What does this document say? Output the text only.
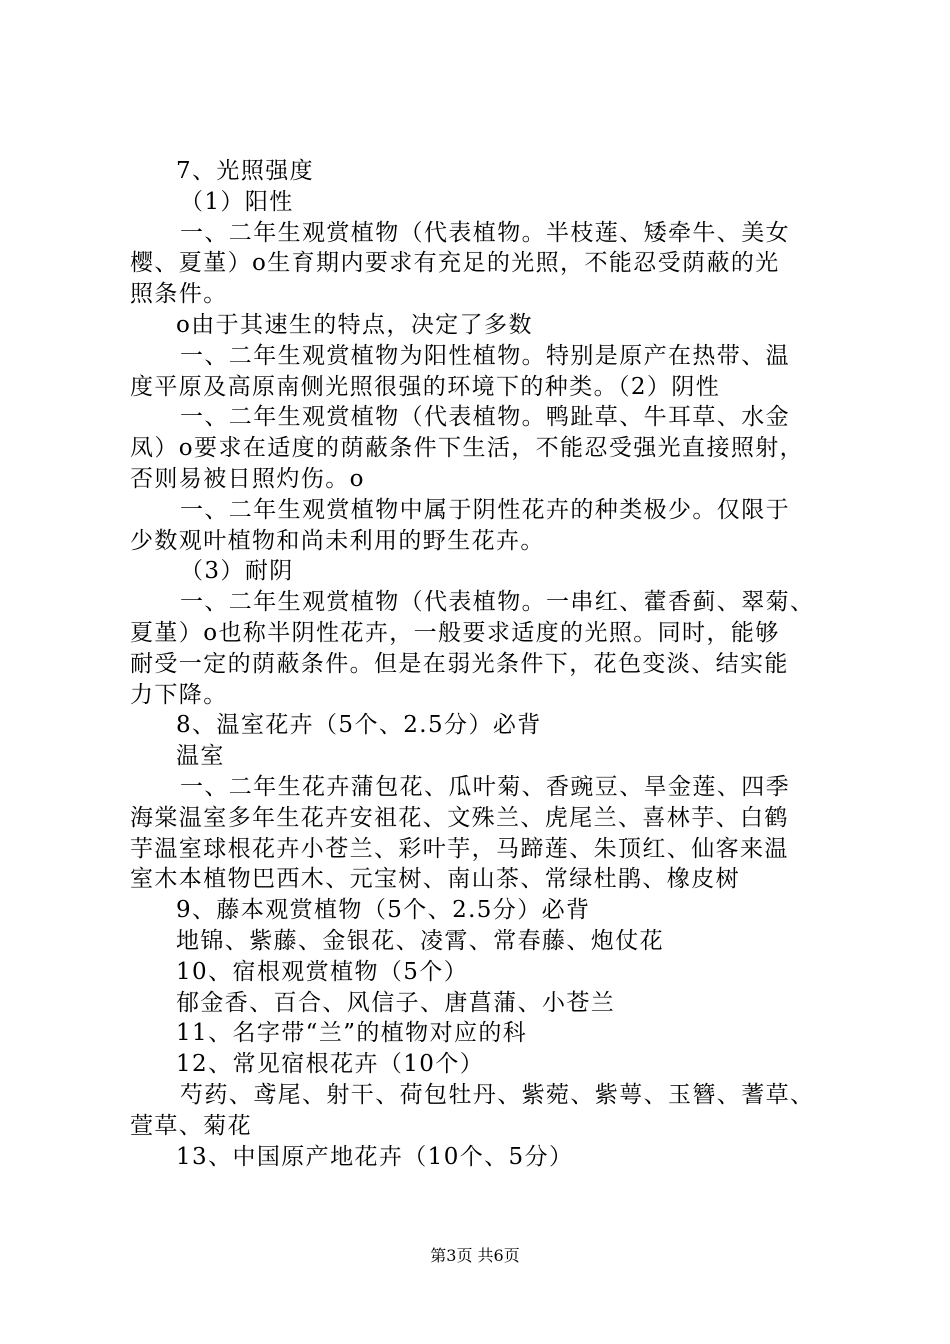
7、光照强度
（1）阳性
一、二年生观赏植物（代表植物。半枝莲、矮牵牛、美女
樱、夏堇）o生育期内要求有充足的光照，不能忍受荫蔽的光
照条件。
o由于其速生的特点，决定了多数
一、二年生观赏植物为阳性植物。特别是原产在热带、温
度平原及高原南侧光照很强的环境下的种类。（2）阴性
一、二年生观赏植物（代表植物。鸭趾草、牛耳草、水金
凤）o要求在适度的荫蔽条件下生活，不能忍受强光直接照射，
否则易被日照灼伤。o
一、二年生观赏植物中属于阴性花卉的种类极少。仅限于
少数观叶植物和尚未利用的野生花卉。
（3）耐阴
一、二年生观赏植物（代表植物。一串红、藿香蓟、翠菊、
夏堇）o也称半阴性花卉，一般要求适度的光照。同时，能够
耐受一定的荫蔽条件。但是在弱光条件下，花色变淡、结实能
力下降。
8、温室花卉（5个、2.5分）必背
温室
一、二年生花卉蒲包花、瓜叶菊、香豌豆、旱金莲、四季
海棠温室多年生花卉安祖花、文殊兰、虎尾兰、喜林芋、白鹤
芋温室球根花卉小苍兰、彩叶芋，马蹄莲、朱顶红、仙客来温
室木本植物巴西木、元宝树、南山茶、常绿杜鹃、橡皮树
9、藤本观赏植物（5个、2.5分）必背
地锦、紫藤、金银花、凌霄、常春藤、炮仗花
10、宿根观赏植物（5个）
郁金香、百合、风信子、唐菖蒲、小苍兰
11、名字带“兰”的植物对应的科
12、常见宿根花卉（10个）
芍药、鸢尾、射干、荷包牡丹、紫菀、紫萼、玉簪、蓍草、
萱草、菊花
13、中国原产地花卉（10个、5分）
第3页 共6页
